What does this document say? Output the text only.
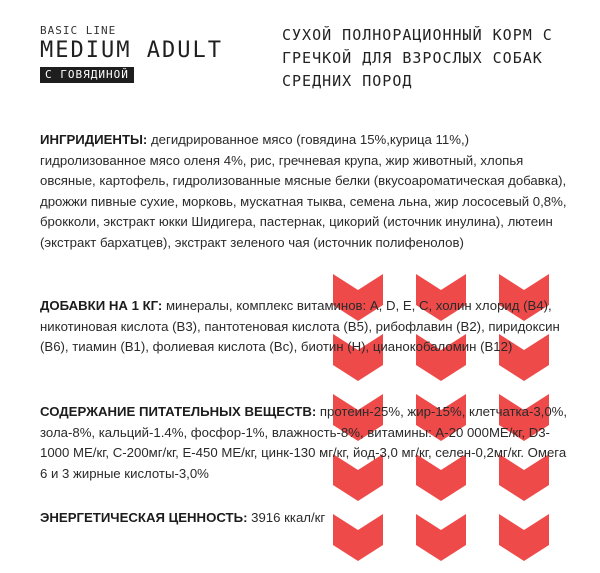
BASIC LINE
MEDIUM ADULT
С ГОВЯДИНОЙ
СУХОЙ ПОЛНОРАЦИОННЫЙ КОРМ С ГРЕЧКОЙ ДЛЯ ВЗРОСЛЫХ СОБАК СРЕДНИХ ПОРОД
ИНГРИДИЕНТЫ: дегидрированное мясо (говядина 15%,курица 11%,) гидролизованное мясо оленя 4%, рис, гречневая крупа, жир животный, хлопья овсяные, картофель, гидролизованные мясные белки (вкусоароматическая добавка), дрожжи пивные сухие, морковь, мускатная тыква, семена льна, жир лососевый 0,8%, брокколи, экстракт юкки Шидигера, пастернак, цикорий (источник инулина), лютеин (экстракт бархатцев), экстракт зеленого чая (источник полифенолов)
ДОБАВКИ НА 1 КГ: минералы, комплекс витаминов: А, D, Е, С, холин хлорид (В4), никотиновая кислота (В3), пантотеновая кислота (В5), рибофлавин (В2), пиридоксин (В6), тиамин (В1), фолиевая кислота (Вс), биотин (Н), цианокобаломин (В12)
СОДЕРЖАНИЕ ПИТАТЕЛЬНЫХ ВЕЩЕСТВ: протеин-25%, жир-15%, клетчатка-3,0%, зола-8%, кальций-1.4%, фосфор-1%, влажность-8%, витамины: А-20 000МЕ/кг, D3-1000 МЕ/кг, С-200мг/кг, Е-450 МЕ/кг, цинк-130 мг/кг, йод-3,0 мг/кг, селен-0,2мг/кг. Омега 6 и 3 жирные кислоты-3,0%
ЭНЕРГЕТИЧЕСКАЯ ЦЕННОСТЬ: 3916 ккал/кг
